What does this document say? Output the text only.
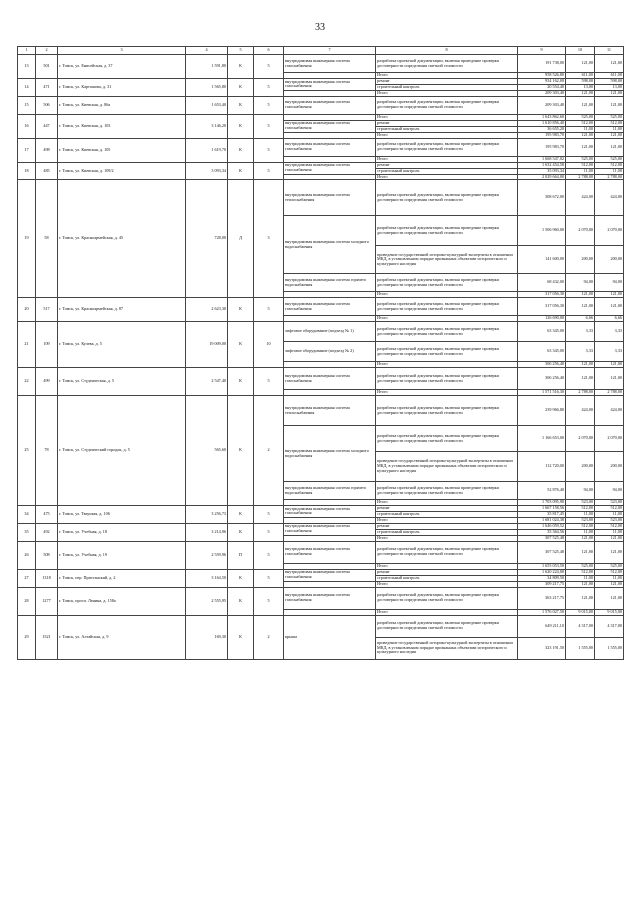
33
1	2	3	4	5	6	7	8	9	10	11
13	501	г. Томск, ул. Енисейская, д. 37	1 591,80	К	5	внутридомовая инженерная система газоснабжения	разработка проектной документации, включая проведение проверки достоверности определения сметной стоимости	191 738,00	121,00	121,00
							Итого	958 526,80	611,00	611,00
14	471	г. Томск, ул. Карташова, д. 31	1 565,80	К	5	внутридомовая инженерная система газоснабжения	ремонт	934 162,00	598,00	598,00
							строительный контроль	20 554,40	13,00	13,00
							Итого	209 303,40	121,00	121,00
15	506	г. Томск, ул. Киевская, д. 86а	1 653,40	К	5	внутридомовая инженерная система газоснабжения	разработка проектной документации, включая проведение проверки достоверности определения сметной стоимости	209 303,40	121,00	121,00
16	447	г. Томск, ул. Киевская, д. 103	3 146,20	К	5		Итого	1 643 862,60	525,00	525,00
						внутридомовая инженерная система газоснабжения	ремонт	1 610 856,40	512,00	512,00
							строительный контроль	36 655,20	11,00	11,00
							Итого	195 983,70	121,00	121,00
17	498	г. Томск, ул. Киевская, д. 105	1 619,70	К	5	внутридомовая инженерная система газоснабжения	разработка проектной документации, включая проведение проверки достоверности определения сметной стоимости	195 983,70	121,00	121,00
							Итого	1 668 547,02	525,00	525,00
18	485	г. Томск, ул. Киевская, д. 109/2	3 093,34	К	5	внутридомовая инженерная система газоснабжения	ремонт	1 632 454,58	512,00	512,00
							строительный контроль	35 093,34	11,00	11,00
							Итого	2 029 664,00	2 788,00	2 788,00
19	58	г. Томск, ул. Красноармейская, д. 45	728,00	Д	3	внутридомовая инженерная система теплоснабжения	разработка проектной документации, включая проведение проверки достоверности определения сметной стоимости	308 672,00	424,00	424,00
						внутридомовая инженерная система холодного водоснабжения	разработка проектной документации, включая проведение проверки достоверности определения сметной стоимости	1 506 960,00	2 070,00	2 070,00
							проведение государственной историко-культурной экспертизы в отношении МКД, в установленном порядке признанных объектами исторического и культурного наследия	141 600,00	200,00	200,00
						внутридомовая инженерная система горячего водоснабжения	разработка проектной документации, включая проведение проверки достоверности определения сметной стоимости	68 432,00	94,00	94,00
							Итого	317 056,30	121,00	121,00
20	517	г. Томск, ул. Красноармейская, д. 87	2 623,30	К	5	внутридомовая инженерная система газоснабжения	разработка проектной документации, включая проведение проверки достоверности определения сметной стоимости	317 056,30	121,00	121,00
							Итого	126 690,00	6,66	6,66
21	109	г. Томск, ул. Кулева, д. 5	19 009,00	К	10	лифтовое оборудование (подъезд № 1)	разработка проектной документации, включая проведение проверки достоверности определения сметной стоимости	63 345,00	3,33	3,33
						лифтовое оборудование (подъезд № 2)	разработка проектной документации, включая проведение проверки достоверности определения сметной стоимости	63 345,00	3,33	3,33
							Итого	306 256,40	121,00	121,00
22	499	г. Томск, ул. Студенческая, д. 5	2 547,40	К	5	внутридомовая инженерная система газоснабжения	разработка проектной документации, включая проведение проверки достоверности определения сметной стоимости	306 256,40	121,00	121,00
							Итого	1 571 516,30	2 788,00	2 788,00
25	78	г. Томск, ул. Студенческий городок, д. 5	565,60	К	2	внутридомовая инженерная система теплоснабжения	разработка проектной документации, включая проведение проверки достоверности определения сметной стоимости	239 966,80	424,00	424,00
						внутридомовая инженерная система холодного водоснабжения	разработка проектной документации, включая проведение проверки достоверности определения сметной стоимости	1 166 653,00	2 070,00	2 070,00
							проведение государственной историко-культурной экспертизы в отношении МКД, в установленном порядке признанных объектами исторического и культурного наследия	112 720,00	200,00	200,00
						внутридомовая инженерная система горячего водоснабжения	разработка проектной документации, включая проведение проверки достоверности определения сметной стоимости	52 876,40	94,00	94,00
							Итого	1 703 095,90	523,00	523,00
34	475	г. Томск, ул. Тверская, д. 106	3 256,73	К	5	внутридомовая инженерная система газоснабжения	ремонт	1 667 158,56	512,00	512,00
							строительный контроль	35 817,45	11,00	11,00
							Итого	1 681 024,38	523,00	523,00
35	492	г. Томск, ул. Учебная, д. 18	3 214,96	К	5	внутридомовая инженерная система газоснабжения	ремонт	1 646 059,52	512,00	512,00
							строительный контроль	35 364,56	11,00	11,00
							Итого	307 525,48	121,00	121,00
26	508	г. Томск, ул. Учебная, д. 19	2 559,96	П	5	внутридомовая инженерная система газоснабжения	разработка проектной документации, включая проведение проверки достоверности определения сметной стоимости	307 525,48	121,00	121,00
							Итого	1 655 053,50	525,00	525,00
27	1318	г. Томск, пер. Пристанский, д. 2	3 164,50	К	5	внутридомовая инженерная система газоснабжения	ремонт	1 620 224,00	512,00	512,00
							строительный контроль	34 809,50	11,00	11,00
							Итого	309 217,75	121,00	121,00
28	1277	г. Томск, просп. Ленина, д. 158а	2 555,95	К	5	внутридомовая инженерная система газоснабжения	разработка проектной документации, включая проведение проверки достоверности определения сметной стоимости	363 217,75	121,00	121,00
							Итого	1 576 027,50	9 015,00	9 015,00
29	1521	г. Томск, ул. Алтайская, д. 9	169,30	К	2	крыша	разработка проектной документации, включая проведение проверки достоверности определения сметной стоимости	649 211,10	4 317,00	4 317,00
							проведение государственной историко-культурной экспертизы в отношении МКД, в установленном порядке признанных объектами исторического и культурного наследия	323 191,50	1 555,00	1 555,00
